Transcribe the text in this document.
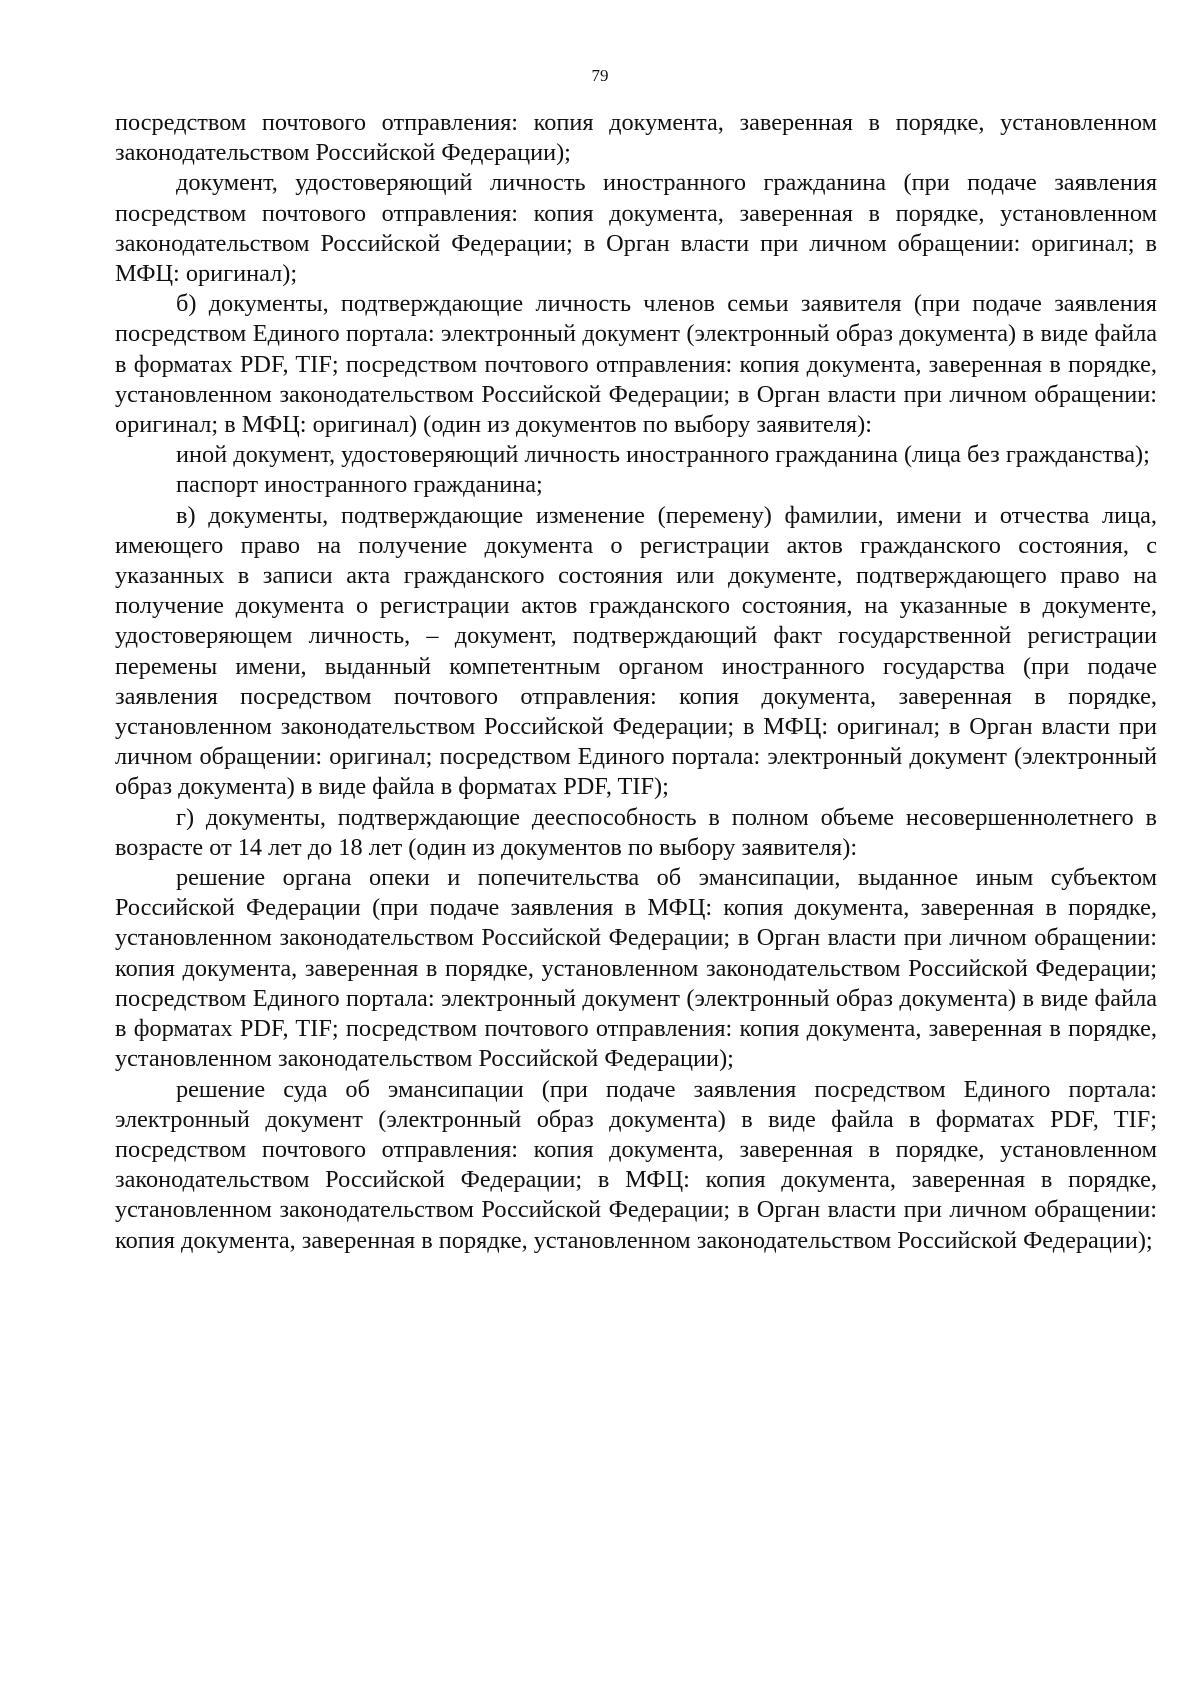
79

посредством почтового отправления: копия документа, заверенная в порядке, установленном законодательством Российской Федерации);

документ, удостоверяющий личность иностранного гражданина (при подаче заявления посредством почтового отправления: копия документа, заверенная в порядке, установленном законодательством Российской Федерации; в Орган власти при личном обращении: оригинал; в МФЦ: оригинал);

б) документы, подтверждающие личность членов семьи заявителя (при подаче заявления посредством Единого портала: электронный документ (электронный образ документа) в виде файла в форматах PDF, TIF; посредством почтового отправления: копия документа, заверенная в порядке, установленном законодательством Российской Федерации; в Орган власти при личном обращении: оригинал; в МФЦ: оригинал) (один из документов по выбору заявителя):

иной документ, удостоверяющий личность иностранного гражданина (лица без гражданства);

паспорт иностранного гражданина;

в) документы, подтверждающие изменение (перемену) фамилии, имени и отчества лица, имеющего право на получение документа о регистрации актов гражданского состояния, с указанных в записи акта гражданского состояния или документе, подтверждающего право на получение документа о регистрации актов гражданского состояния, на указанные в документе, удостоверяющем личность, – документ, подтверждающий факт государственной регистрации перемены имени, выданный компетентным органом иностранного государства (при подаче заявления посредством почтового отправления: копия документа, заверенная в порядке, установленном законодательством Российской Федерации; в МФЦ: оригинал; в Орган власти при личном обращении: оригинал; посредством Единого портала: электронный документ (электронный образ документа) в виде файла в форматах PDF, TIF);

г) документы, подтверждающие дееспособность в полном объеме несовершеннолетнего в возрасте от 14 лет до 18 лет (один из документов по выбору заявителя):

решение органа опеки и попечительства об эмансипации, выданное иным субъектом Российской Федерации (при подаче заявления в МФЦ: копия документа, заверенная в порядке, установленном законодательством Российской Федерации; в Орган власти при личном обращении: копия документа, заверенная в порядке, установленном законодательством Российской Федерации; посредством Единого портала: электронный документ (электронный образ документа) в виде файла в форматах PDF, TIF; посредством почтового отправления: копия документа, заверенная в порядке, установленном законодательством Российской Федерации);

решение суда об эмансипации (при подаче заявления посредством Единого портала: электронный документ (электронный образ документа) в виде файла в форматах PDF, TIF; посредством почтового отправления: копия документа, заверенная в порядке, установленном законодательством Российской Федерации; в МФЦ: копия документа, заверенная в порядке, установленном законодательством Российской Федерации; в Орган власти при личном обращении: копия документа, заверенная в порядке, установленном законодательством Российской Федерации);
